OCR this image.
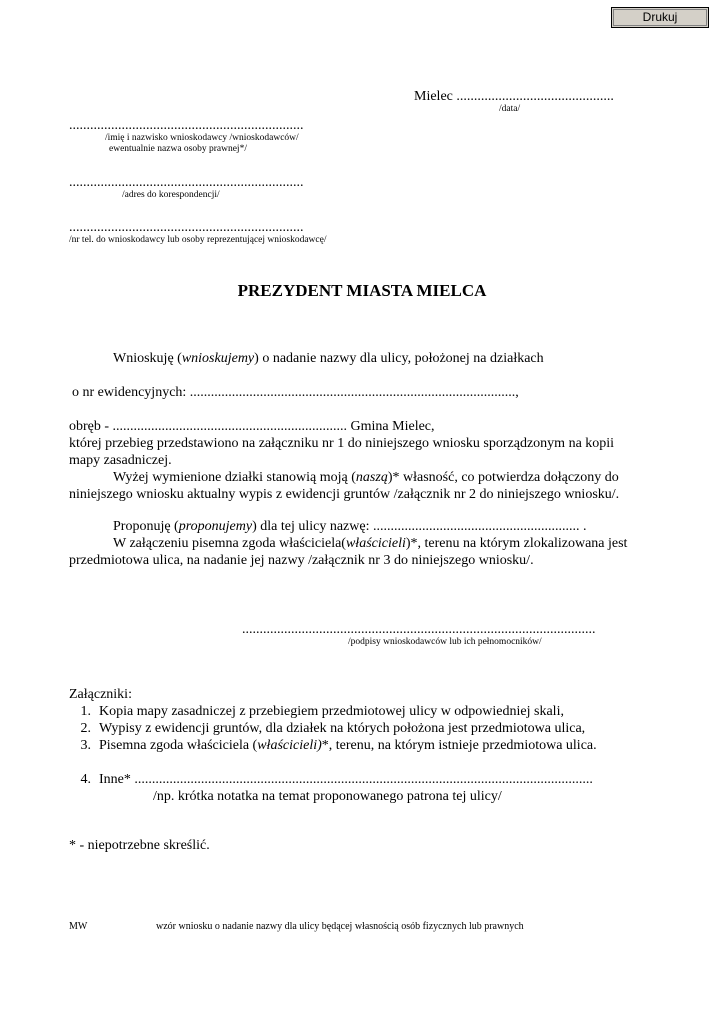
Drukuj
Mielec .............................................
/data/
...................................................................
/imię i nazwisko wnioskodawcy /wnioskodawców/
ewentualnie nazwa osoby prawnej*/
...................................................................
/adres do korespondencji/
...................................................................
/nr tel. do wnioskodawcy lub osoby reprezentującej wnioskodawcę/
PREZYDENT MIASTA MIELCA
Wnioskuję (wnioskujemy) o nadanie nazwy dla ulicy, położonej na działkach
o nr ewidencyjnych: .............................................................................................,
obręb - ................................................................... Gmina Mielec,
której przebieg przedstawiono na załączniku nr 1 do niniejszego wniosku sporządzonym na kopii
mapy zasadniczej.
Wyżej wymienione działki stanowią moją (naszą)* własność, co potwierdza dołączony do
niniejszego wniosku aktualny wypis z ewidencji gruntów /załącznik nr 2 do niniejszego wniosku/.
Proponuję (proponujemy) dla tej ulicy nazwę: ........................................................... .
W załączeniu pisemna zgoda właściciela(właścicieli)*, terenu na którym zlokalizowana jest
przedmiotowa ulica, na nadanie jej nazwy /załącznik nr 3 do niniejszego wniosku/.
.....................................................................................................
/podpisy wnioskodawców lub ich pełnomocników/
Załączniki:
1. Kopia mapy zasadniczej z przebiegiem przedmiotowej ulicy w odpowiedniej skali,
2. Wypisy z ewidencji gruntów, dla działek na których położona jest przedmiotowa ulica,
3. Pisemna zgoda właściciela (właścicieli)*, terenu, na którym istnieje przedmiotowa ulica.
4. Inne* ...................................................................................................................................
/np. krótka notatka na temat proponowanego patrona tej ulicy/
* - niepotrzebne skreślić.
MW	wzór wniosku o nadanie nazwy dla ulicy będącej własnością osób fizycznych lub prawnych
